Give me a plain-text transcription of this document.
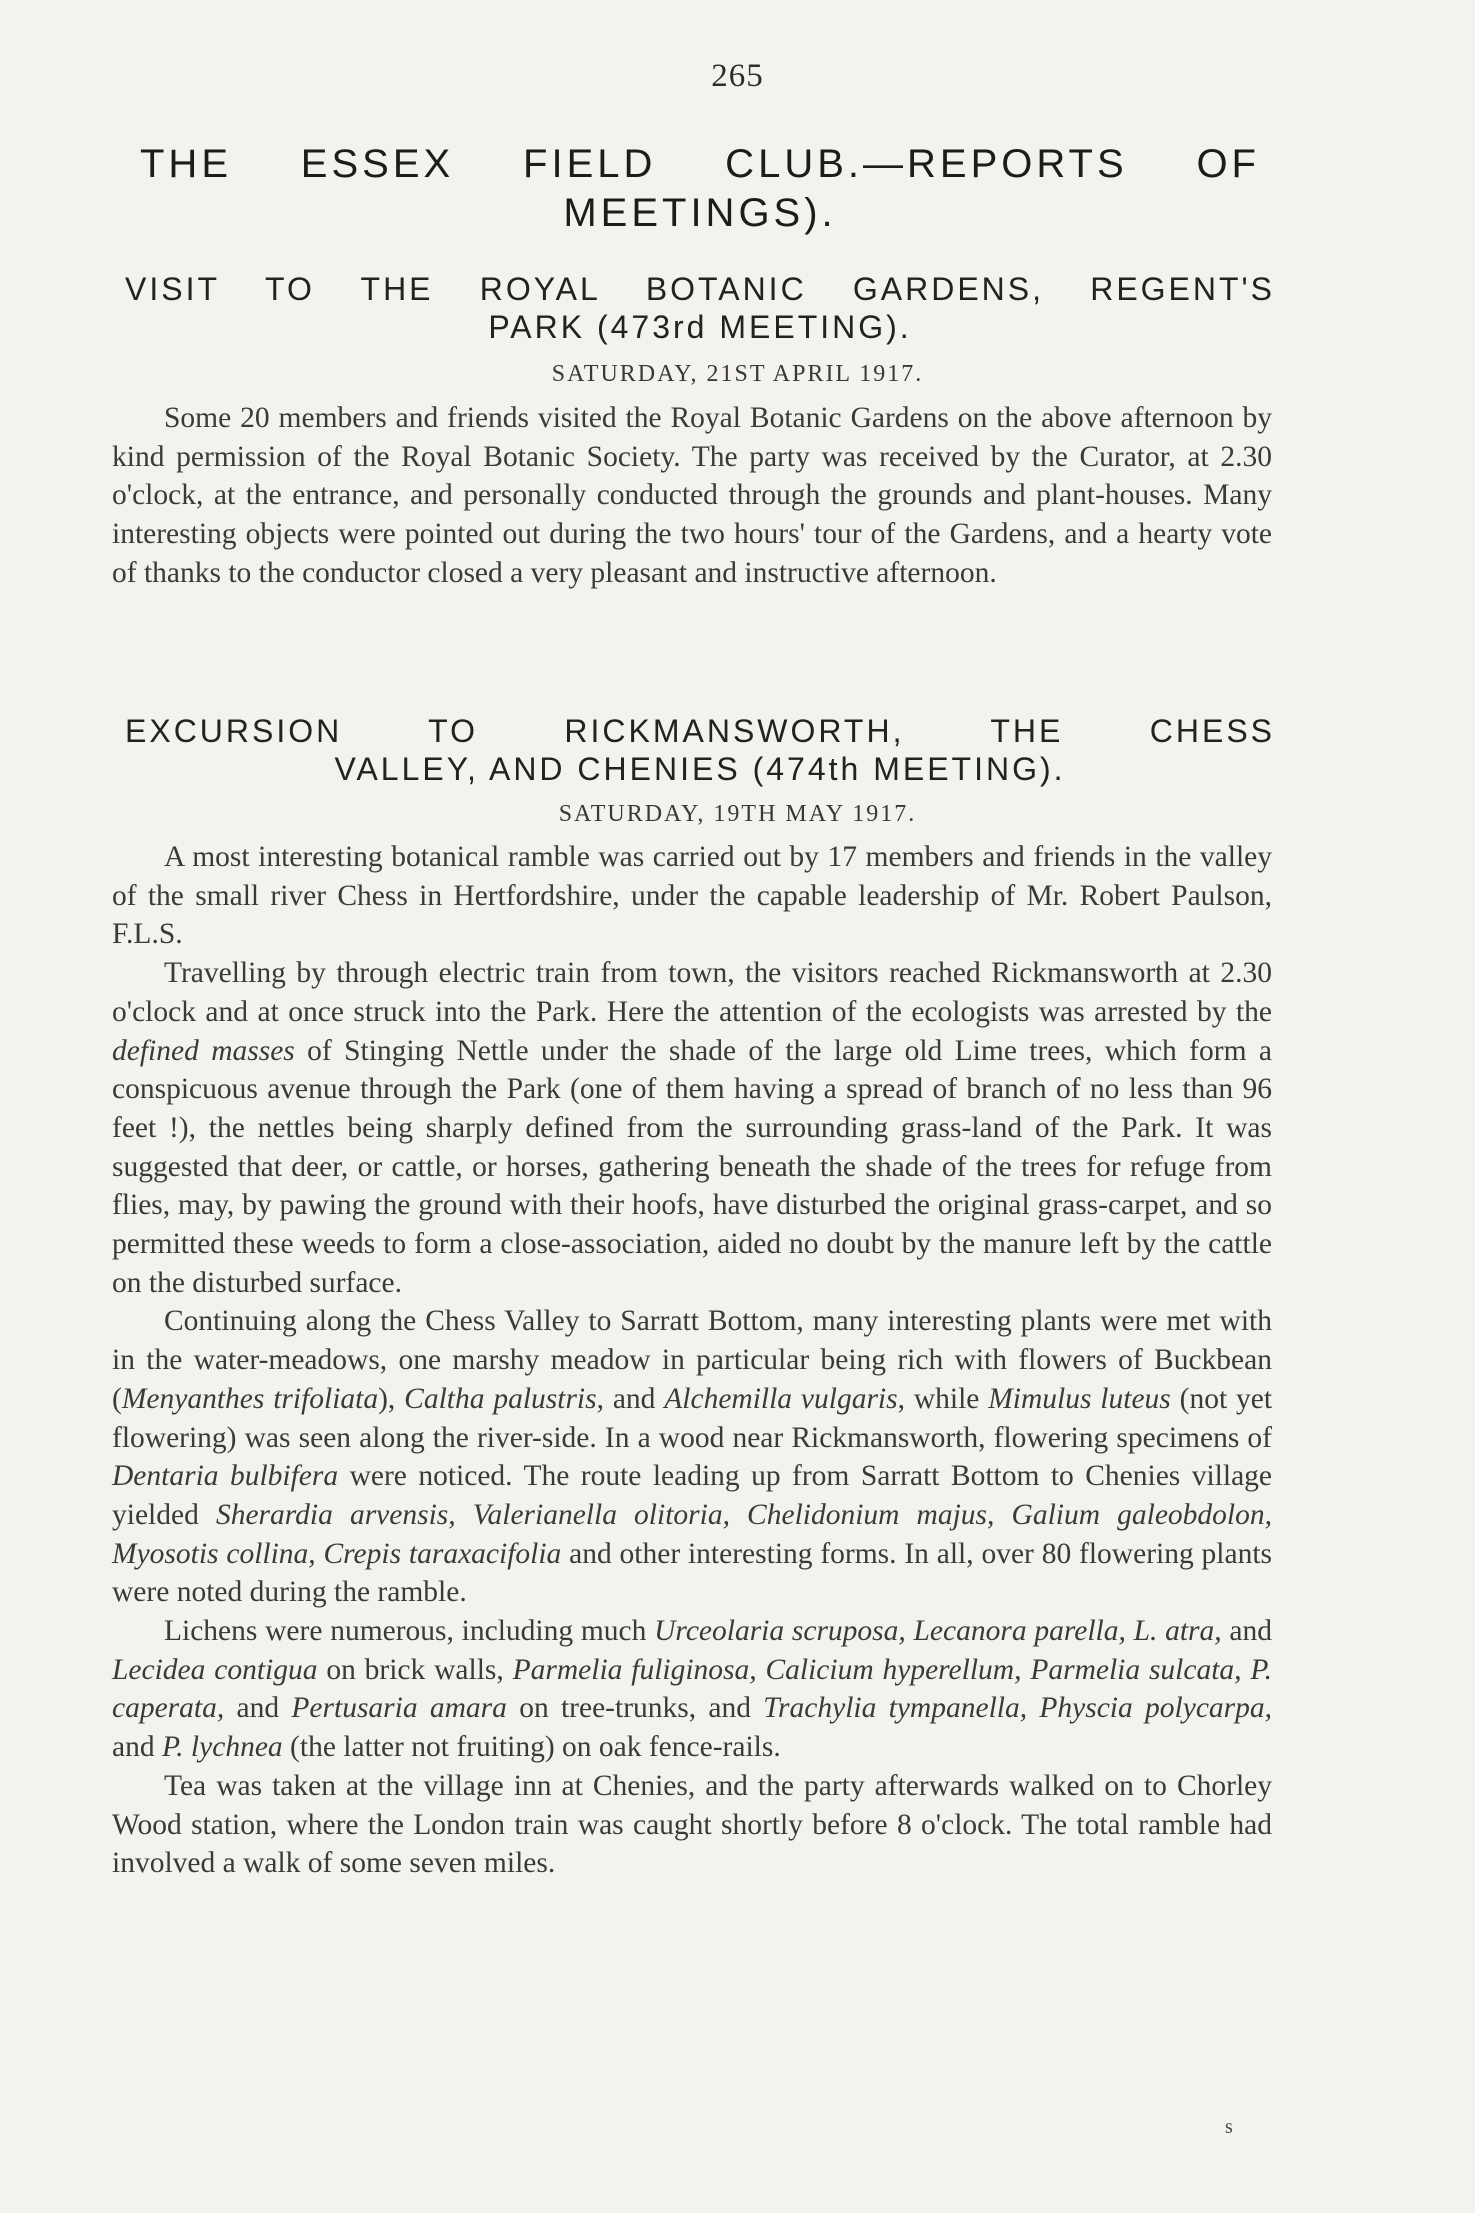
265
THE ESSEX FIELD CLUB.—REPORTS OF
MEETINGS).
VISIT TO THE ROYAL BOTANIC GARDENS, REGENT'S
PARK (473rd MEETING).
SATURDAY, 21ST APRIL 1917.

Some 20 members and friends visited the Royal Botanic Gardens on the above afternoon by kind permission of the Royal Botanic Society. The party was received by the Curator, at 2.30 o'clock, at the entrance, and personally conducted through the grounds and plant-houses. Many interesting objects were pointed out during the two hours' tour of the Gardens, and a hearty vote of thanks to the conductor closed a very pleasant and instructive afternoon.

EXCURSION TO RICKMANSWORTH, THE CHESS
VALLEY, AND CHENIES (474th MEETING).
SATURDAY, 19TH MAY 1917.

A most interesting botanical ramble was carried out by 17 members and friends in the valley of the small river Chess in Hertfordshire, under the capable leadership of Mr. Robert Paulson, F.L.S.

Travelling by through electric train from town, the visitors reached Rickmansworth at 2.30 o'clock and at once struck into the Park. Here the attention of the ecologists was arrested by the defined masses of Stinging Nettle under the shade of the large old Lime trees, which form a conspicuous avenue through the Park (one of them having a spread of branch of no less than 96 feet !), the nettles being sharply defined from the surrounding grass-land of the Park. It was suggested that deer, or cattle, or horses, gathering beneath the shade of the trees for refuge from flies, may, by pawing the ground with their hoofs, have disturbed the original grass-carpet, and so permitted these weeds to form a close-association, aided no doubt by the manure left by the cattle on the disturbed surface.

Continuing along the Chess Valley to Sarratt Bottom, many interesting plants were met with in the water-meadows, one marshy meadow in particular being rich with flowers of Buckbean (Menyanthes trifoliata), Caltha palustris, and Alchemilla vulgaris, while Mimulus luteus (not yet flowering) was seen along the river-side. In a wood near Rickmansworth, flowering specimens of Dentaria bulbifera were noticed. The route leading up from Sarratt Bottom to Chenies village yielded Sherardia arvensis, Valerianella olitoria, Chelidonium majus, Galium galeobdolon, Myosotis collina, Crepis taraxacifolia and other interesting forms. In all, over 80 flowering plants were noted during the ramble.

Lichens were numerous, including much Urceolaria scruposa, Lecanora parella, L. atra, and Lecidea contigua on brick walls, Parmelia fuliginosa, Calicium hyperellum, Parmelia sulcata, P. caperata, and Pertusaria amara on tree-trunks, and Trachylia tympanella, Physcia polycarpa, and P. lychnea (the latter not fruiting) on oak fence-rails.

Tea was taken at the village inn at Chenies, and the party afterwards walked on to Chorley Wood station, where the London train was caught shortly before 8 o'clock. The total ramble had involved a walk of some seven miles.

s
